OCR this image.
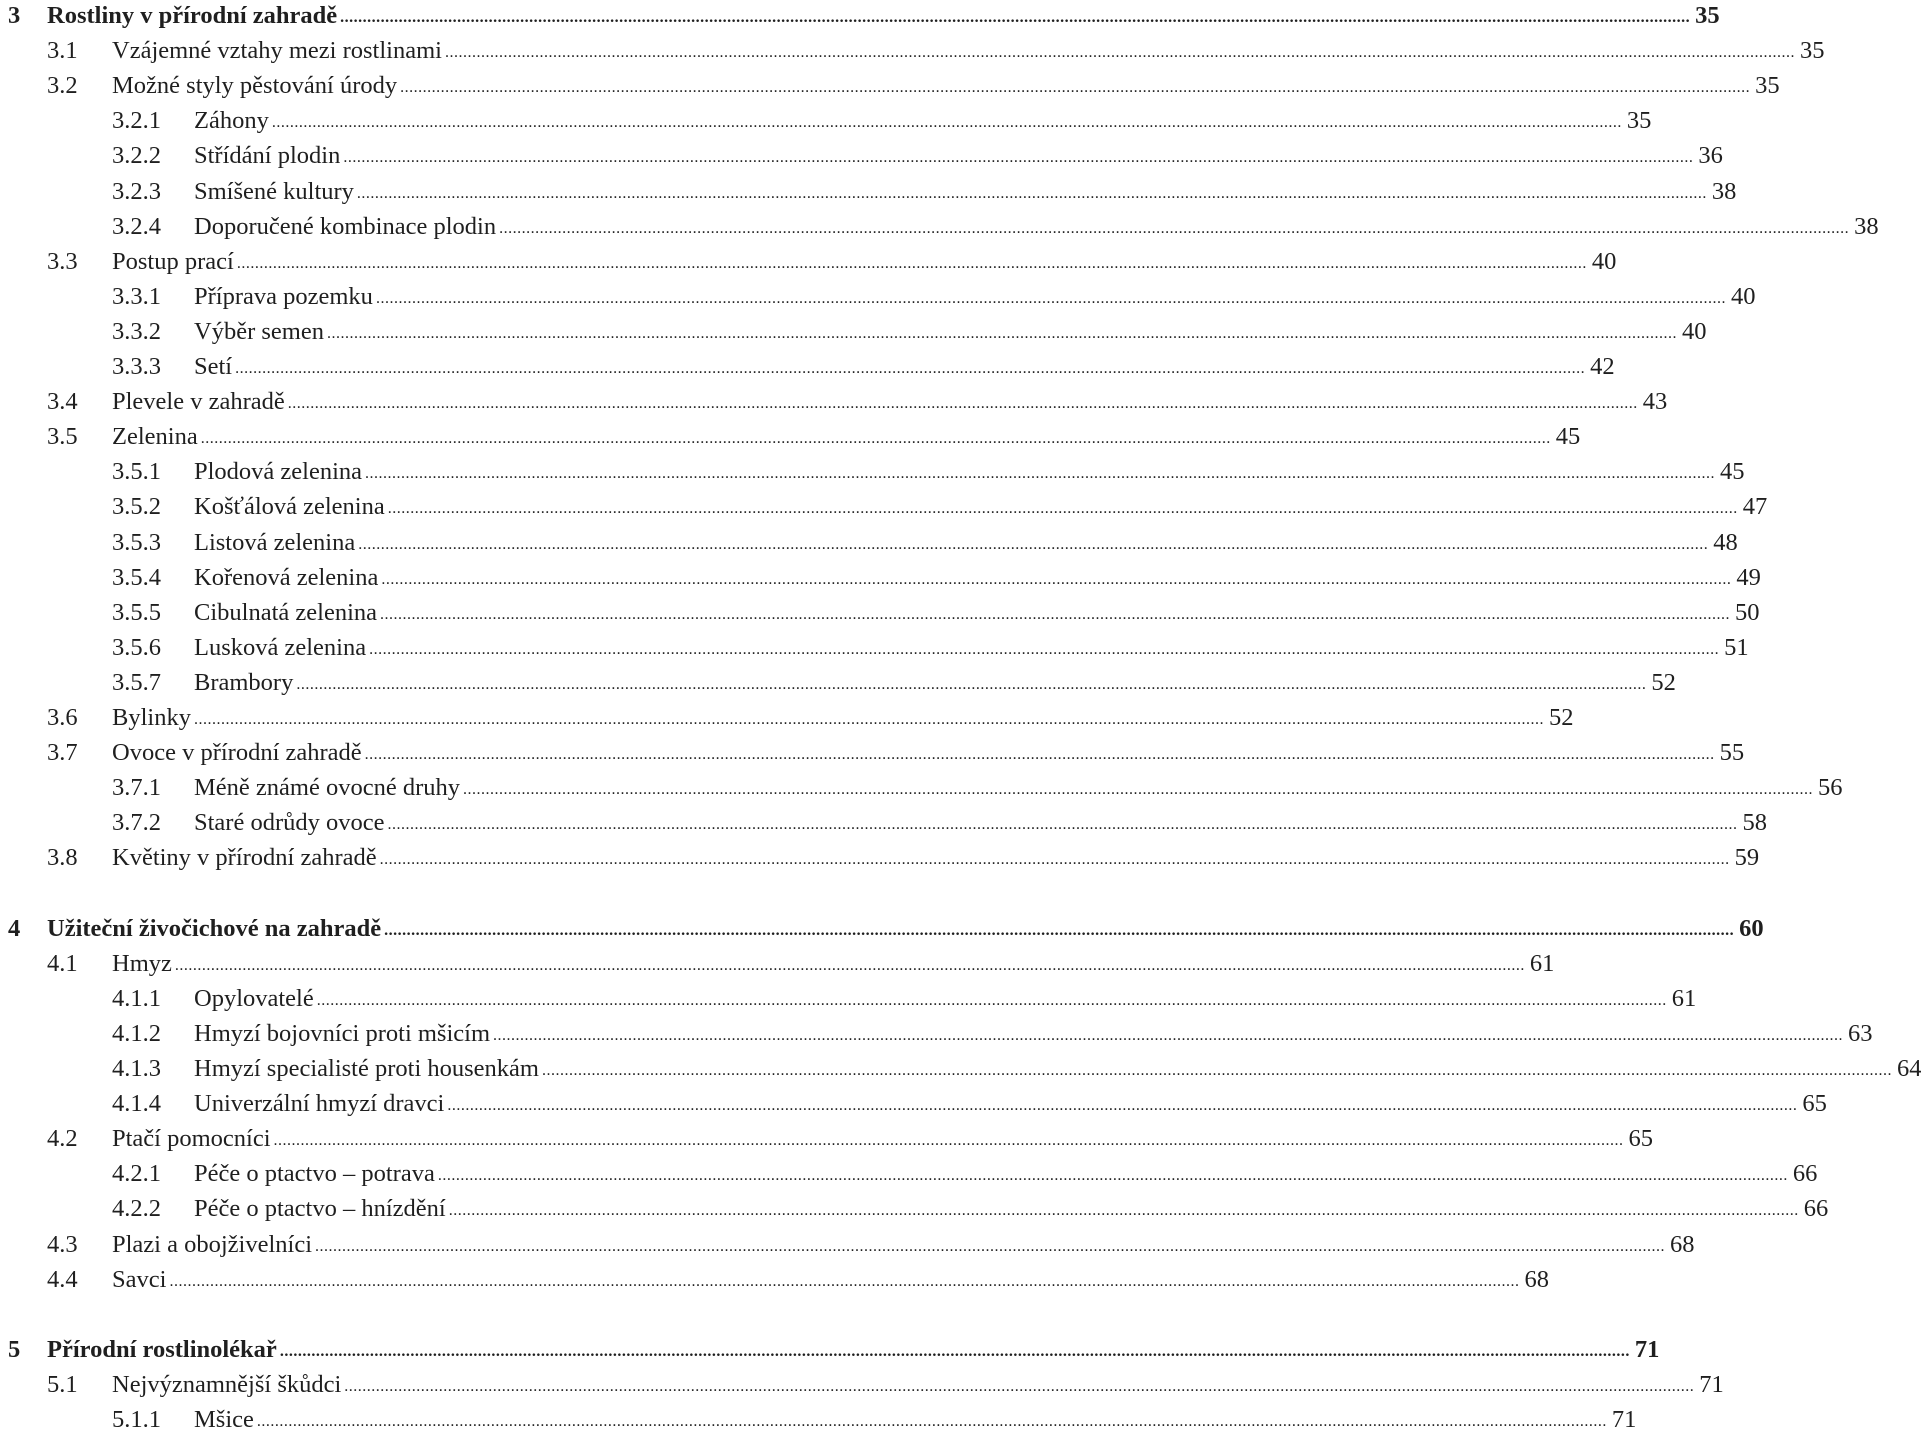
3 Rostliny v přírodní zahradě ............................................................................................................................................................................................................................................................................................................ 35
3.1 Vzájemné vztahy mezi rostlinami ............................................................................................................................................................................................................................................................................................................ 35
3.2 Možné styly pěstování úrody ............................................................................................................................................................................................................................................................................................................ 35
3.2.1 Záhony ............................................................................................................................................................................................................................................................................................................ 35
3.2.2 Střídání plodin ............................................................................................................................................................................................................................................................................................................ 36
3.2.3 Smíšené kultury ............................................................................................................................................................................................................................................................................................................ 38
3.2.4 Doporučené kombinace plodin ............................................................................................................................................................................................................................................................................................................ 38
3.3 Postup prací ............................................................................................................................................................................................................................................................................................................ 40
3.3.1 Příprava pozemku ............................................................................................................................................................................................................................................................................................................ 40
3.3.2 Výběr semen ............................................................................................................................................................................................................................................................................................................ 40
3.3.3 Setí ............................................................................................................................................................................................................................................................................................................ 42
3.4 Plevele v zahradě ............................................................................................................................................................................................................................................................................................................ 43
3.5 Zelenina ............................................................................................................................................................................................................................................................................................................ 45
3.5.1 Plodová zelenina ............................................................................................................................................................................................................................................................................................................ 45
3.5.2 Košťálová zelenina ............................................................................................................................................................................................................................................................................................................ 47
3.5.3 Listová zelenina ............................................................................................................................................................................................................................................................................................................ 48
3.5.4 Kořenová zelenina ............................................................................................................................................................................................................................................................................................................ 49
3.5.5 Cibulnatá zelenina ............................................................................................................................................................................................................................................................................................................ 50
3.5.6 Lusková zelenina ............................................................................................................................................................................................................................................................................................................ 51
3.5.7 Brambory ............................................................................................................................................................................................................................................................................................................ 52
3.6 Bylinky ............................................................................................................................................................................................................................................................................................................ 52
3.7 Ovoce v přírodní zahradě ............................................................................................................................................................................................................................................................................................................ 55
3.7.1 Méně známé ovocné druhy ............................................................................................................................................................................................................................................................................................................ 56
3.7.2 Staré odrůdy ovoce ............................................................................................................................................................................................................................................................................................................ 58
3.8 Květiny v přírodní zahradě ............................................................................................................................................................................................................................................................................................................ 59
4 Užiteční živočichové na zahradě ............................................................................................................................................................................................................................................................................................................ 60
4.1 Hmyz ............................................................................................................................................................................................................................................................................................................ 61
4.1.1 Opylovatelé ............................................................................................................................................................................................................................................................................................................ 61
4.1.2 Hmyzí bojovníci proti mšicím ............................................................................................................................................................................................................................................................................................................ 63
4.1.3 Hmyzí specialisté proti housenkám ............................................................................................................................................................................................................................................................................................................ 64
4.1.4 Univerzální hmyzí dravci ............................................................................................................................................................................................................................................................................................................ 65
4.2 Ptačí pomocníci ............................................................................................................................................................................................................................................................................................................ 65
4.2.1 Péče o ptactvo – potrava ............................................................................................................................................................................................................................................................................................................ 66
4.2.2 Péče o ptactvo – hnízdění ............................................................................................................................................................................................................................................................................................................ 66
4.3 Plazi a obojživelníci ............................................................................................................................................................................................................................................................................................................ 68
4.4 Savci ............................................................................................................................................................................................................................................................................................................ 68
5 Přírodní rostlinolékař ............................................................................................................................................................................................................................................................................................................ 71
5.1 Nejvýznamnější škůdci ............................................................................................................................................................................................................................................................................................................ 71
5.1.1 Mšice ............................................................................................................................................................................................................................................................................................................ 71
